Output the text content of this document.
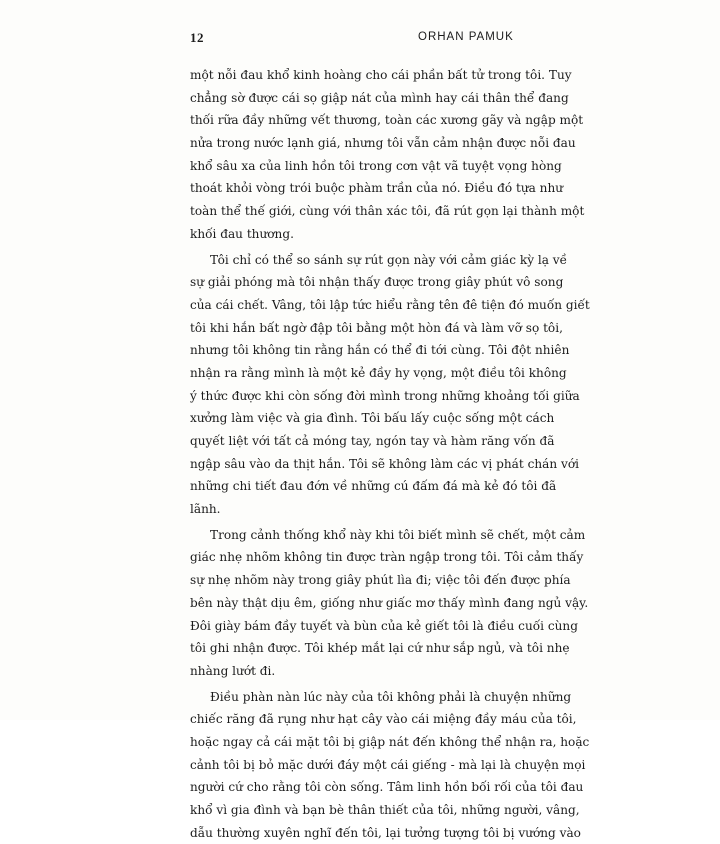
12	ORHAN PAMUK
một nỗi đau khổ kinh hoàng cho cái phần bất tử trong tôi. Tuy
chẳng sờ được cái sọ giập nát của mình hay cái thân thể đang
thối rữa đầy những vết thương, toàn các xương gãy và ngập một
nửa trong nước lạnh giá, nhưng tôi vẫn cảm nhận được nỗi đau
khổ sâu xa của linh hồn tôi trong cơn vật vã tuyệt vọng hòng
thoát khỏi vòng trói buộc phàm trần của nó. Điều đó tựa như
toàn thể thế giới, cùng với thân xác tôi, đã rút gọn lại thành một
khối đau thương.
Tôi chỉ có thể so sánh sự rút gọn này với cảm giác kỳ lạ về
sự giải phóng mà tôi nhận thấy được trong giây phút vô song
của cái chết. Vâng, tôi lập tức hiểu rằng tên đê tiện đó muốn giết
tôi khi hắn bất ngờ đập tôi bằng một hòn đá và làm vỡ sọ tôi,
nhưng tôi không tin rằng hắn có thể đi tới cùng. Tôi đột nhiên
nhận ra rằng mình là một kẻ đầy hy vọng, một điều tôi không
ý thức được khi còn sống đời mình trong những khoảng tối giữa
xưởng làm việc và gia đình. Tôi bấu lấy cuộc sống một cách
quyết liệt với tất cả móng tay, ngón tay và hàm răng vốn đã
ngập sâu vào da thịt hắn. Tôi sẽ không làm các vị phát chán với
những chi tiết đau đớn về những cú đấm đá mà kẻ đó tôi đã
lãnh.
Trong cảnh thống khổ này khi tôi biết mình sẽ chết, một cảm
giác nhẹ nhõm không tin được tràn ngập trong tôi. Tôi cảm thấy
sự nhẹ nhõm này trong giây phút lìa đi; việc tôi đến được phía
bên này thật dịu êm, giống như giấc mơ thấy mình đang ngủ vậy.
Đôi giày bám đầy tuyết và bùn của kẻ giết tôi là điều cuối cùng
tôi ghi nhận được. Tôi khép mắt lại cứ như sắp ngủ, và tôi nhẹ
nhàng lướt đi.
Điều phàn nàn lúc này của tôi không phải là chuyện những
chiếc răng đã rụng như hạt cây vào cái miệng đầy máu của tôi,
hoặc ngay cả cái mặt tôi bị giập nát đến không thể nhận ra, hoặc
cảnh tôi bị bỏ mặc dưới đáy một cái giếng - mà lại là chuyện mọi
người cứ cho rằng tôi còn sống. Tâm linh hồn bối rối của tôi đau
khổ vì gia đình và bạn bè thân thiết của tôi, những người, vâng,
dẫu thường xuyên nghĩ đến tôi, lại tưởng tượng tôi bị vướng vào
